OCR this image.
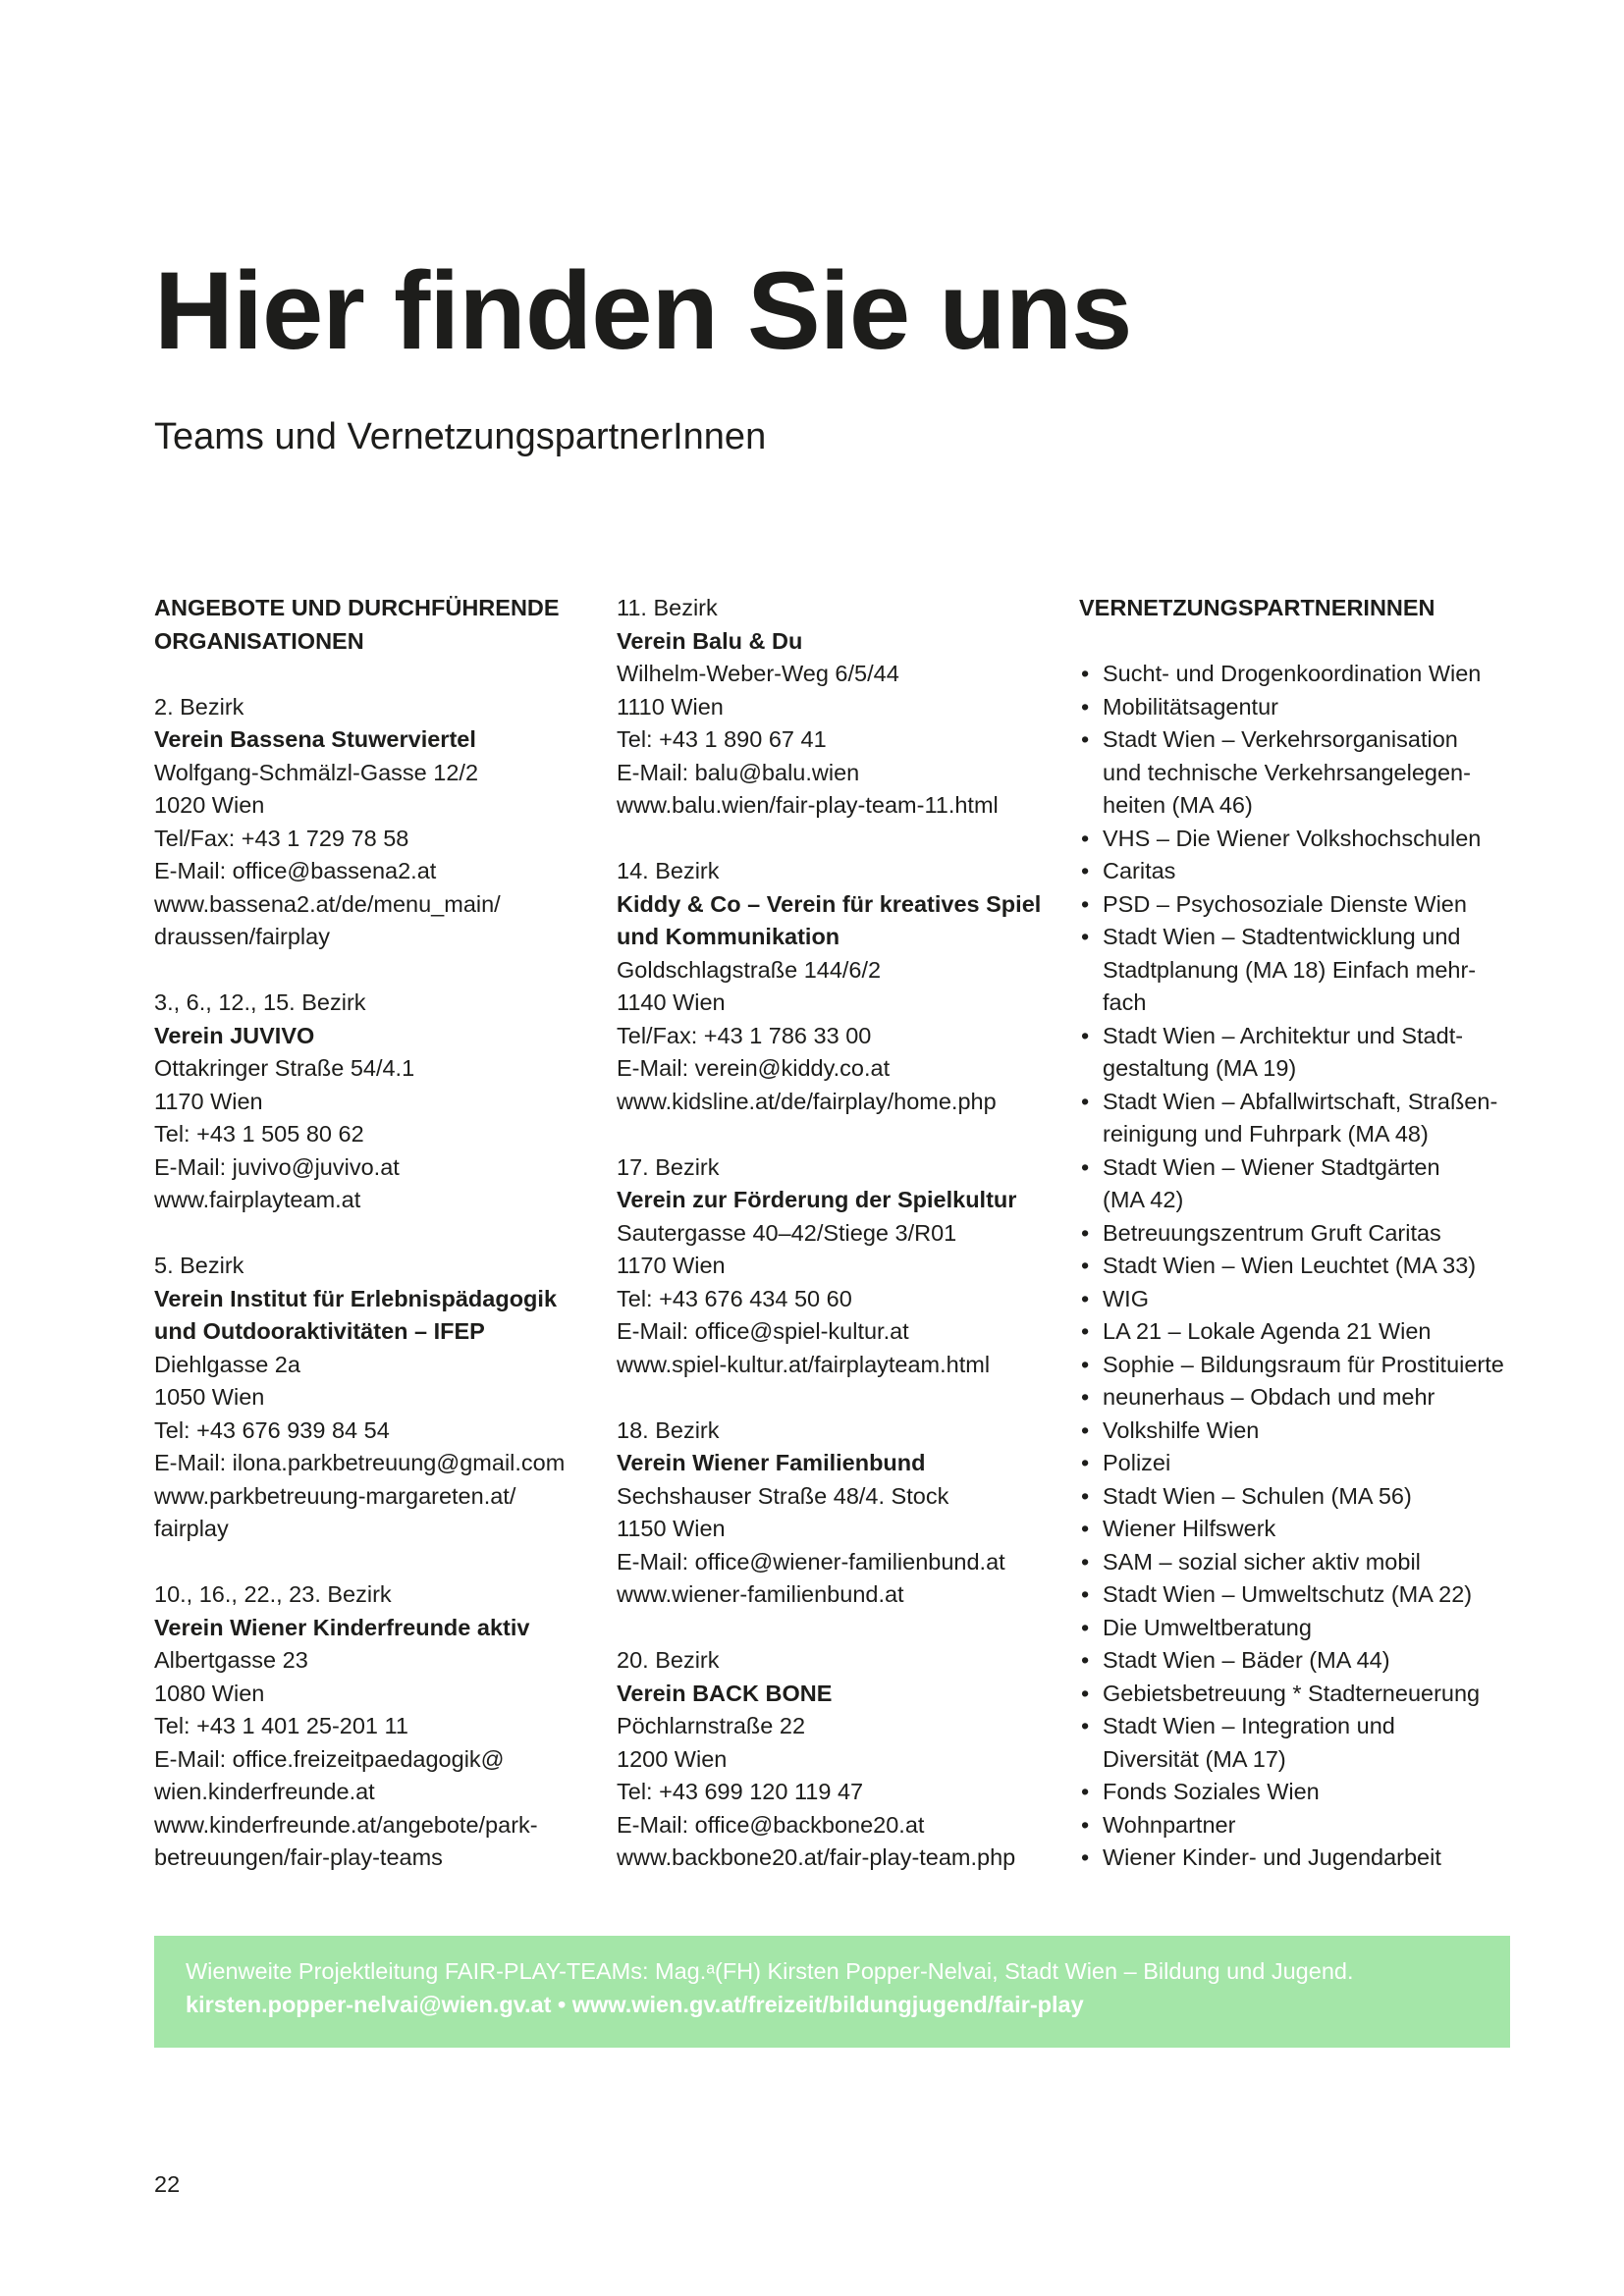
Hier finden Sie uns
Teams und VernetzungspartnerInnen
ANGEBOTE UND DURCHFÜHRENDE
ORGANISATIONEN
2. Bezirk
Verein Bassena Stuwerviertel
Wolfgang-Schmälzl-Gasse 12/2
1020 Wien
Tel/Fax: +43 1 729 78 58
E-Mail: office@bassena2.at
www.bassena2.at/de/menu_main/
draussen/fairplay
3., 6., 12., 15. Bezirk
Verein JUVIVO
Ottakringer Straße 54/4.1
1170 Wien
Tel: +43 1 505 80 62
E-Mail: juvivo@juvivo.at
www.fairplayteam.at
5. Bezirk
Verein Institut für Erlebnispädagogik
und Outdooraktivitäten – IFEP
Diehlgasse 2a
1050 Wien
Tel: +43 676 939 84 54
E-Mail: ilona.parkbetreuung@gmail.com
www.parkbetreuung-margareten.at/
fairplay
10., 16., 22., 23. Bezirk
Verein Wiener Kinderfreunde aktiv
Albertgasse 23
1080 Wien
Tel: +43 1 401 25-201 11
E-Mail: office.freizeitpaedagogik@
wien.kinderfreunde.at
www.kinderfreunde.at/angebote/park-
betreuungen/fair-play-teams
11. Bezirk
Verein Balu & Du
Wilhelm-Weber-Weg 6/5/44
1110 Wien
Tel: +43 1 890 67 41
E-Mail: balu@balu.wien
www.balu.wien/fair-play-team-11.html
14. Bezirk
Kiddy & Co – Verein für kreatives Spiel
und Kommunikation
Goldschlagstraße 144/6/2
1140 Wien
Tel/Fax: +43 1 786 33 00
E-Mail: verein@kiddy.co.at
www.kidsline.at/de/fairplay/home.php
17. Bezirk
Verein zur Förderung der Spielkultur
Sautergasse 40–42/Stiege 3/R01
1170 Wien
Tel: +43 676 434 50 60
E-Mail: office@spiel-kultur.at
www.spiel-kultur.at/fairplayteam.html
18. Bezirk
Verein Wiener Familienbund
Sechshauser Straße 48/4. Stock
1150 Wien
E-Mail: office@wiener-familienbund.at
www.wiener-familienbund.at
20. Bezirk
Verein BACK BONE
Pöchlarnstraße 22
1200 Wien
Tel: +43 699 120 119 47
E-Mail: office@backbone20.at
www.backbone20.at/fair-play-team.php
VERNETZUNGSPARTNERINNEN
• Sucht- und Drogenkoordination Wien
• Mobilitätsagentur
• Stadt Wien – Verkehrsorganisation
und technische Verkehrsangelegen-
heiten (MA 46)
• VHS – Die Wiener Volkshochschulen
• Caritas
• PSD – Psychosoziale Dienste Wien
• Stadt Wien – Stadtentwicklung und
Stadtplanung (MA 18) Einfach mehr-
fach
• Stadt Wien – Architektur und Stadt-
gestaltung (MA 19)
• Stadt Wien – Abfallwirtschaft, Straßen-
reinigung und Fuhrpark (MA 48)
• Stadt Wien – Wiener Stadtgärten
(MA 42)
• Betreuungszentrum Gruft Caritas
• Stadt Wien – Wien Leuchtet (MA 33)
• WIG
• LA 21 – Lokale Agenda 21 Wien
• Sophie – Bildungsraum für Prostituierte
• neunerhaus – Obdach und mehr
• Volkshilfe Wien
• Polizei
• Stadt Wien – Schulen (MA 56)
• Wiener Hilfswerk
• SAM – sozial sicher aktiv mobil
• Stadt Wien – Umweltschutz (MA 22)
• Die Umweltberatung
• Stadt Wien – Bäder (MA 44)
• Gebietsbetreuung * Stadterneuerung
• Stadt Wien – Integration und
Diversität (MA 17)
• Fonds Soziales Wien
• Wohnpartner
• Wiener Kinder- und Jugendarbeit
Wienweite Projektleitung FAIR-PLAY-TEAMs: Mag.ᵃ(FH) Kirsten Popper-Nelvai, Stadt Wien – Bildung und Jugend.
kirsten.popper-nelvai@wien.gv.at • www.wien.gv.at/freizeit/bildungjugend/fair-play
22
